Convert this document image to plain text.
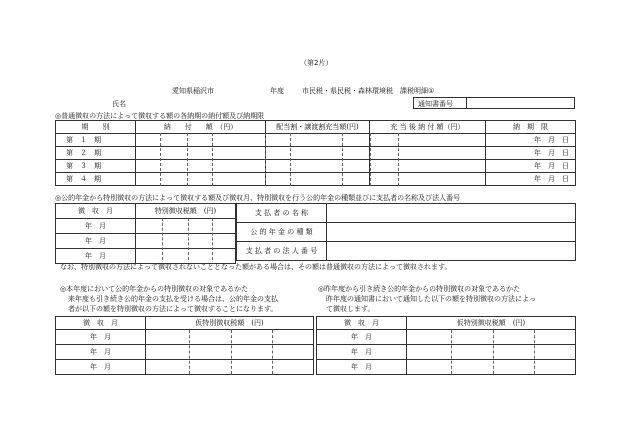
（第2片）
愛知県稲沢市	年度	市民税・県民税・森林環境税　課税明細①
氏名	通知書番号
◎普通徴収の方法によって徴収する額の各納期の納付額及び納期限
期　　別	納　　付　　額　（円）	配当割・譲渡割充当額(円)	充 当 後 納 付 額（円）	納　期　限
第　１　期				年　月　日
第　２　期				年　月　日
第　３　期				年　月　日
第　４　期				年　月　日
◎公的年金から特別徴収の方法によって徴収する額及び徴収月、特別徴収を行う公的年金の種類並びに支払者の名称及び法人番号
徴　収　月	特別徴収税額　(円)
年　月	
年　月	
年　月	
支 払 者 の 名 称	
公 的 年 金 の 種 類	
支 払 者 の 法 人 番 号	
なお、特別徴収の方法によって徴収されないこととなった額がある場合は、その額は普通徴収の方法によって徴収されます。
◎本年度において公的年金からの特別徴収の対象であるかた
来年度も引き続き公的年金の支払を受ける場合は、公的年金の支払
者が以下の額を特別徴収の方法によって徴収することになります。
徴　収　月	仮特別徴収税額　(円)
年　月	
年　月	
年　月	
◎昨年度から引き続き公的年金からの特別徴収の対象であるかた
昨年度の通知書において通知した以下の額を特別徴収の方法によっ
て徴収します。
徴　収　月	仮特別徴収税額　(円)
年　月	
年　月	
年　月	
